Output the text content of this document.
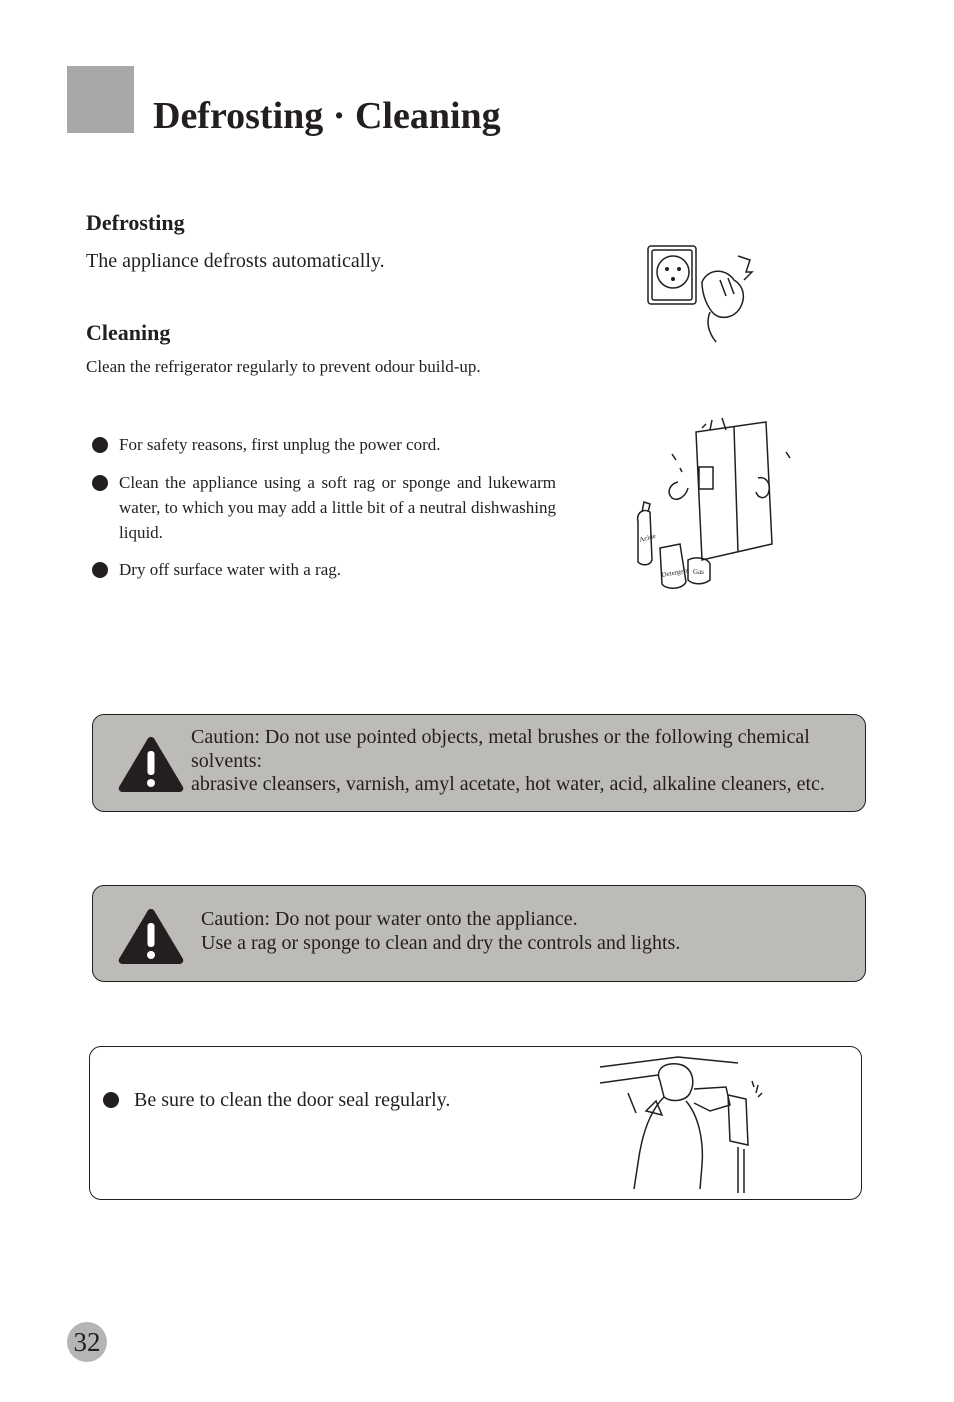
Defrosting · Cleaning
Defrosting

The appliance defrosts automatically.

Cleaning

Clean the refrigerator regularly to prevent odour build-up.

For safety reasons, first unplug the power cord.
Clean the appliance using a soft rag or sponge and lukewarm water, to which you may add a little bit of a neutral dishwashing liquid.
Dry off surface water with a rag.
Acide
Detergent Gas

Caution: Do not use pointed objects, metal brushes or the following chemical

solvents:

abrasive cleansers, varnish, amyl acetate, hot water, acid, alkaline cleaners, etc.

Caution: Do not pour water onto the appliance.

Use a rag or sponge to clean and dry the controls and lights.

Be sure to clean the door seal regularly.

32
